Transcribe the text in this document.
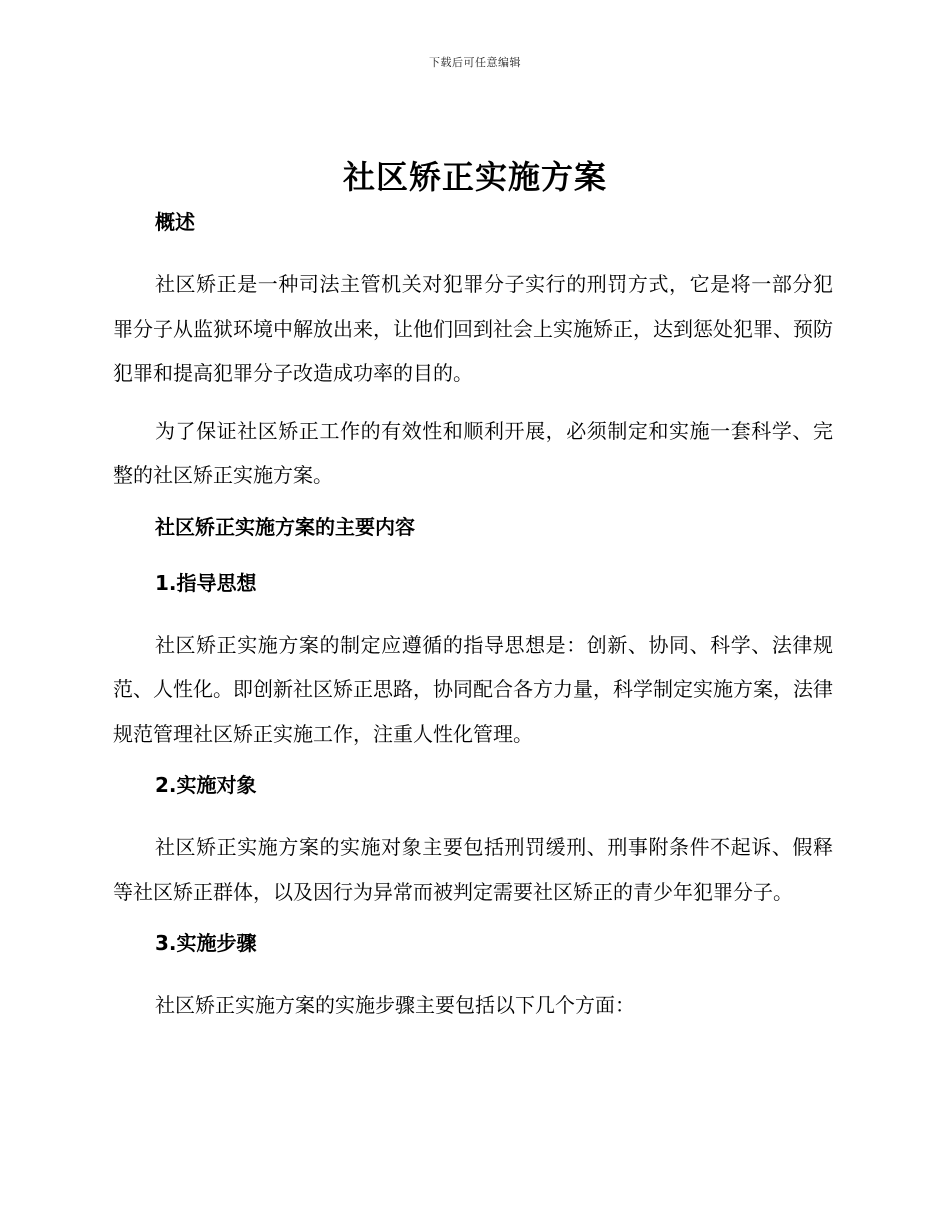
下载后可任意编辑
社区矫正实施方案

概述

社区矫正是一种司法主管机关对犯罪分子实行的刑罚方式，它是将一部分犯罪分子从监狱环境中解放出来，让他们回到社会上实施矫正，达到惩处犯罪、预防犯罪和提高犯罪分子改造成功率的目的。

为了保证社区矫正工作的有效性和顺利开展，必须制定和实施一套科学、完整的社区矫正实施方案。

社区矫正实施方案的主要内容

1.指导思想

社区矫正实施方案的制定应遵循的指导思想是：创新、协同、科学、法律规范、人性化。即创新社区矫正思路，协同配合各方力量，科学制定实施方案，法律规范管理社区矫正实施工作，注重人性化管理。

2.实施对象

社区矫正实施方案的实施对象主要包括刑罚缓刑、刑事附条件不起诉、假释等社区矫正群体，以及因行为异常而被判定需要社区矫正的青少年犯罪分子。

3.实施步骤

社区矫正实施方案的实施步骤主要包括以下几个方面：
